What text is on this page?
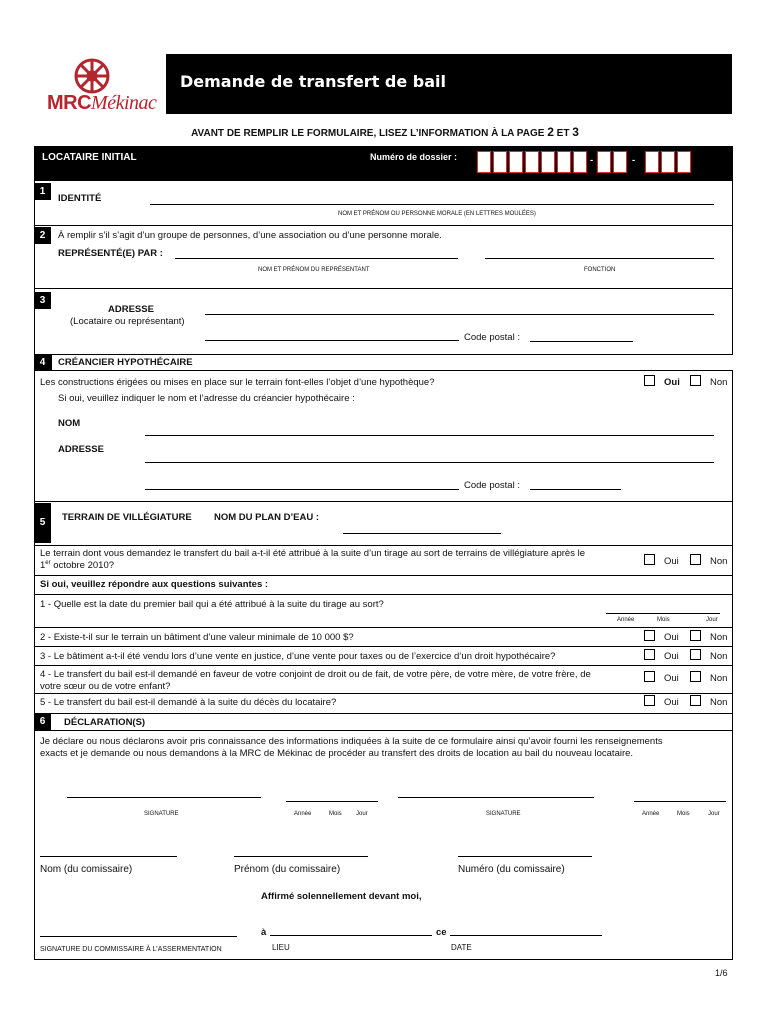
MRCMékinac
Demande de transfert de bail
AVANT DE REMPLIR LE FORMULAIRE, LISEZ L’INFORMATION À LA PAGE 2 ET 3
LOCATAIRE INITIAL	Numéro de dossier :	-	-
1
IDENTITÉ
NOM ET PRÉNOM OU PERSONNE MORALE (EN LETTRES MOULÉES)
2	À remplir s’il s’agit d’un groupe de personnes, d’une association ou d’une personne morale.
REPRÉSENTÉ(E) PAR :
NOM ET PRÉNOM DU REPRÉSENTANT	FONCTION
3
ADRESSE
(Locataire ou représentant)
Code postal :
4	CRÉANCIER HYPOTHÉCAIRE
Les constructions érigées ou mises en place sur le terrain font-elles l’objet d’une hypothèque?	Oui	Non
Si oui, veuillez indiquer le nom et l’adresse du créancier hypothécaire :
NOM
ADRESSE
Code postal :
5	TERRAIN DE VILLÉGIATURE NOM DU PLAN D’EAU :
Le terrain dont vous demandez le transfert du bail a-t-il été attribué à la suite d’un tirage au sort de terrains de villégiature après le
1er octobre 2010?	Oui	Non
Si oui, veuillez répondre aux questions suivantes :
1 - Quelle est la date du premier bail qui a été attribué à la suite du tirage au sort?
Année	Mois	Jour
2 - Existe-t-il sur le terrain un bâtiment d’une valeur minimale de 10 000 $?	Oui	Non
3 - Le bâtiment a-t-il été vendu lors d’une vente en justice, d’une vente pour taxes ou de l’exercice d’un droit hypothécaire?	Oui	Non
4 - Le transfert du bail est-il demandé en faveur de votre conjoint de droit ou de fait, de votre père, de votre mère, de votre frère, de
votre sœur ou de votre enfant?
Oui	Non
5 - Le transfert du bail est-il demandé à la suite du décès du locataire?	Oui	Non
6	DÉCLARATION(S)
Je déclare ou nous déclarons avoir pris connaissance des informations indiquées à la suite de ce formulaire ainsi qu’avoir fourni les renseignements
exacts et je demande ou nous demandons à la MRC de Mékinac de procéder au transfert des droits de location au bail du nouveau locataire.
SIGNATURE	Année	Mois Jour	SIGNATURE	Année	Mois	Jour
Nom (du comissaire)	Prénom (du comissaire)	Numéro (du comissaire)
Affirmé solennellement devant moi,
SIGNATURE DU COMMISSAIRE À L’ASSERMENTATION
à	ce
LIEU	DATE
1/6
